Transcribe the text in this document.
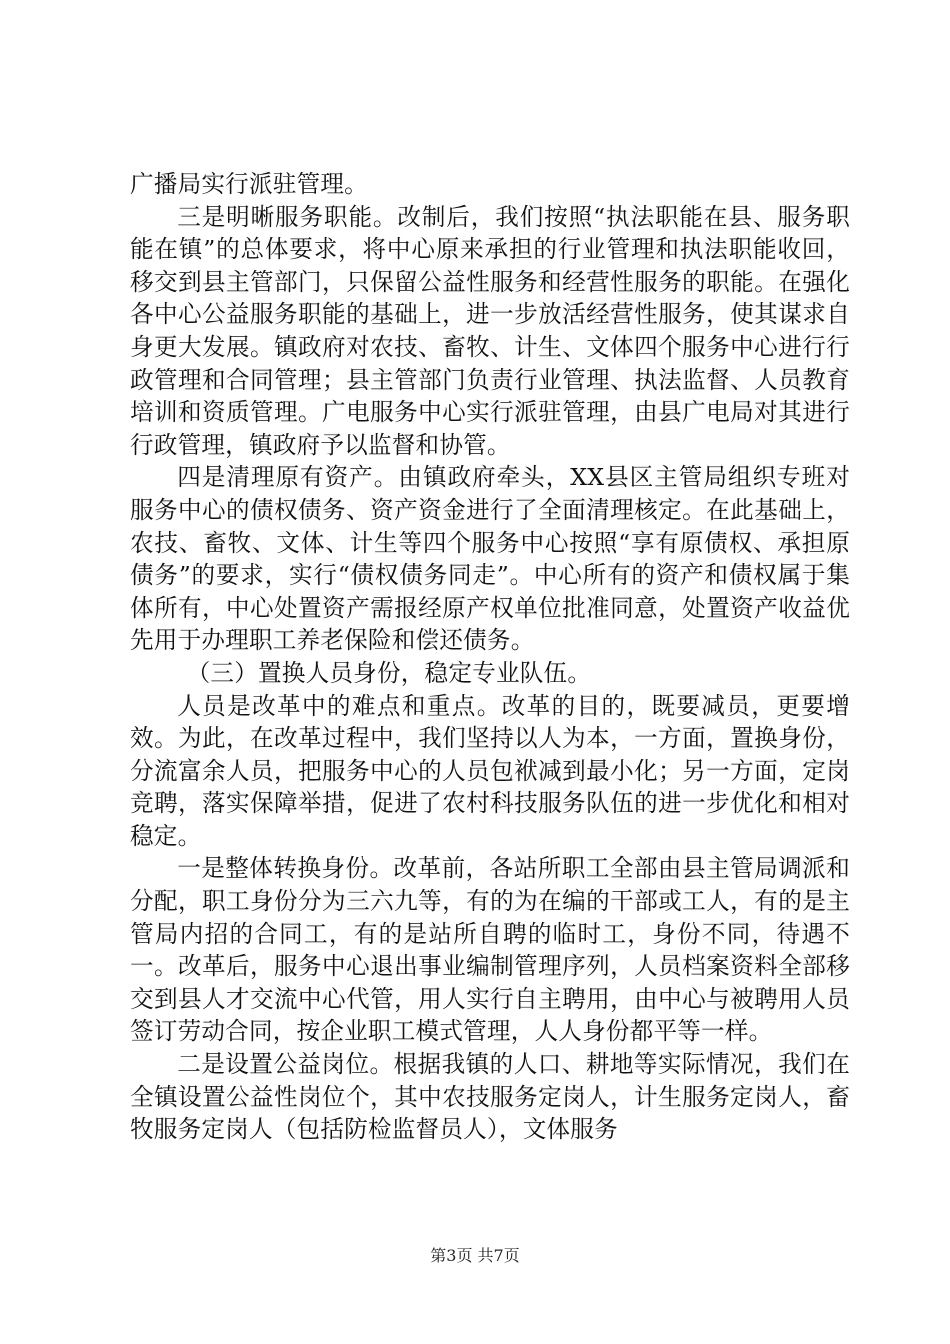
广播局实行派驻管理。

三是明晰服务职能。改制后，我们按照“执法职能在县、服务职能在镇”的总体要求，将中心原来承担的行业管理和执法职能收回，移交到县主管部门，只保留公益性服务和经营性服务的职能。在强化各中心公益服务职能的基础上，进一步放活经营性服务，使其谋求自身更大发展。镇政府对农技、畜牧、计生、文体四个服务中心进行行政管理和合同管理；县主管部门负责行业管理、执法监督、人员教育培训和资质管理。广电服务中心实行派驻管理，由县广电局对其进行行政管理，镇政府予以监督和协管。

四是清理原有资产。由镇政府牵头，XX县区主管局组织专班对服务中心的债权债务、资产资金进行了全面清理核定。在此基础上，农技、畜牧、文体、计生等四个服务中心按照“享有原债权、承担原债务”的要求，实行“债权债务同走”。中心所有的资产和债权属于集体所有，中心处置资产需报经原产权单位批准同意，处置资产收益优先用于办理职工养老保险和偿还债务。

（三）置换人员身份，稳定专业队伍。

人员是改革中的难点和重点。改革的目的，既要减员，更要增效。为此，在改革过程中，我们坚持以人为本，一方面，置换身份，分流富余人员，把服务中心的人员包袱减到最小化；另一方面，定岗竞聘，落实保障举措，促进了农村科技服务队伍的进一步优化和相对稳定。

一是整体转换身份。改革前，各站所职工全部由县主管局调派和分配，职工身份分为三六九等，有的为在编的干部或工人，有的是主管局内招的合同工，有的是站所自聘的临时工，身份不同，待遇不一。改革后，服务中心退出事业编制管理序列，人员档案资料全部移交到县人才交流中心代管，用人实行自主聘用，由中心与被聘用人员签订劳动合同，按企业职工模式管理，人人身份都平等一样。

二是设置公益岗位。根据我镇的人口、耕地等实际情况，我们在全镇设置公益性岗位个，其中农技服务定岗人，计生服务定岗人，畜牧服务定岗人（包括防检监督员人），文体服务

第3页 共7页
